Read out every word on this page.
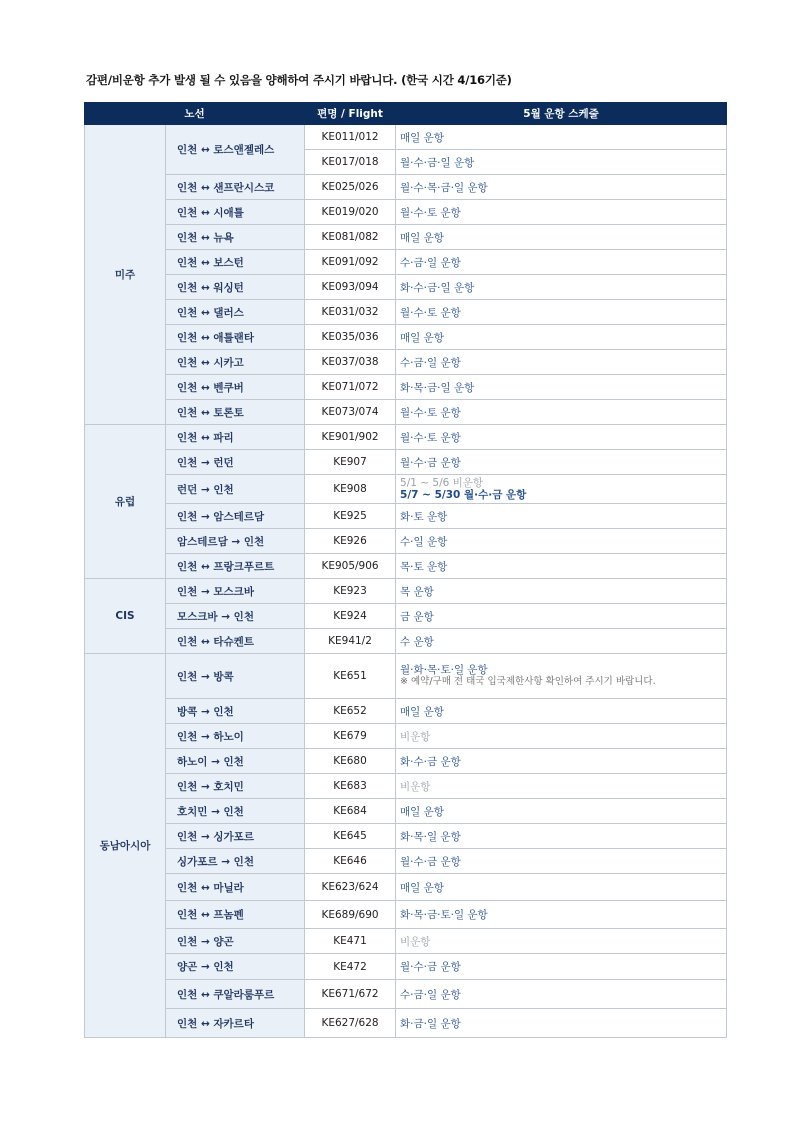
감편/비운항 추가 발생 될 수 있음을 양해하여 주시기 바랍니다. (한국 시간 4/16기준)
노선		편명 / Flight	5월 운항 스케줄
미주	인천 ↔ 로스앤젤레스	KE011/012	매일 운항
		KE017/018	월·수·금·일 운항
	인천 ↔ 샌프란시스코	KE025/026	월·수·목·금·일 운항
	인천 ↔ 시애틀	KE019/020	월·수·토 운항
	인천 ↔ 뉴욕	KE081/082	매일 운항
	인천 ↔ 보스턴	KE091/092	수·금·일 운항
	인천 ↔ 워싱턴	KE093/094	화·수·금·일 운항
	인천 ↔ 댈러스	KE031/032	월·수·토 운항
	인천 ↔ 애틀랜타	KE035/036	매일 운항
	인천 ↔ 시카고	KE037/038	수·금·일 운항
	인천 ↔ 벤쿠버	KE071/072	화·목·금·일 운항
	인천 ↔ 토론토	KE073/074	월·수·토 운항
유럽	인천 ↔ 파리	KE901/902	월·수·토 운항
	인천 → 런던	KE907	월·수·금 운항
	런던 → 인천	KE908	5/1 ~ 5/6 비운항
5/7 ~ 5/30 월·수·금 운항

	인천 → 암스테르담	KE925	화·토 운항
	암스테르담 → 인천	KE926	수·일 운항
	인천 ↔ 프랑크푸르트	KE905/906	목·토 운항
CIS	인천 → 모스크바	KE923	목 운항
	모스크바 → 인천	KE924	금 운항
	인천 ↔ 타슈켄트	KE941/2	수 운항
동남아시아	인천 → 방콕	KE651	월·화·목·토·일 운항
※ 예약/구매 전 태국 입국제한사항 확인하여 주시기 바랍니다.

	방콕 → 인천	KE652	매일 운항
	인천 → 하노이	KE679	비운항
	하노이 → 인천	KE680	화·수·금 운항
	인천 → 호치민	KE683	비운항
	호치민 → 인천	KE684	매일 운항
	인천 → 싱가포르	KE645	화·목·일 운항
	싱가포르 → 인천	KE646	월·수·금 운항
	인천 ↔ 마닐라	KE623/624	매일 운항
	인천 ↔ 프놈펜	KE689/690	화·목·금·토·일 운항
	인천 → 양곤	KE471	비운항
	양곤 → 인천	KE472	월·수·금 운항
	인천 ↔ 쿠알라룸푸르	KE671/672	수·금·일 운항
	인천 ↔ 자카르타	KE627/628	화·금·일 운항
